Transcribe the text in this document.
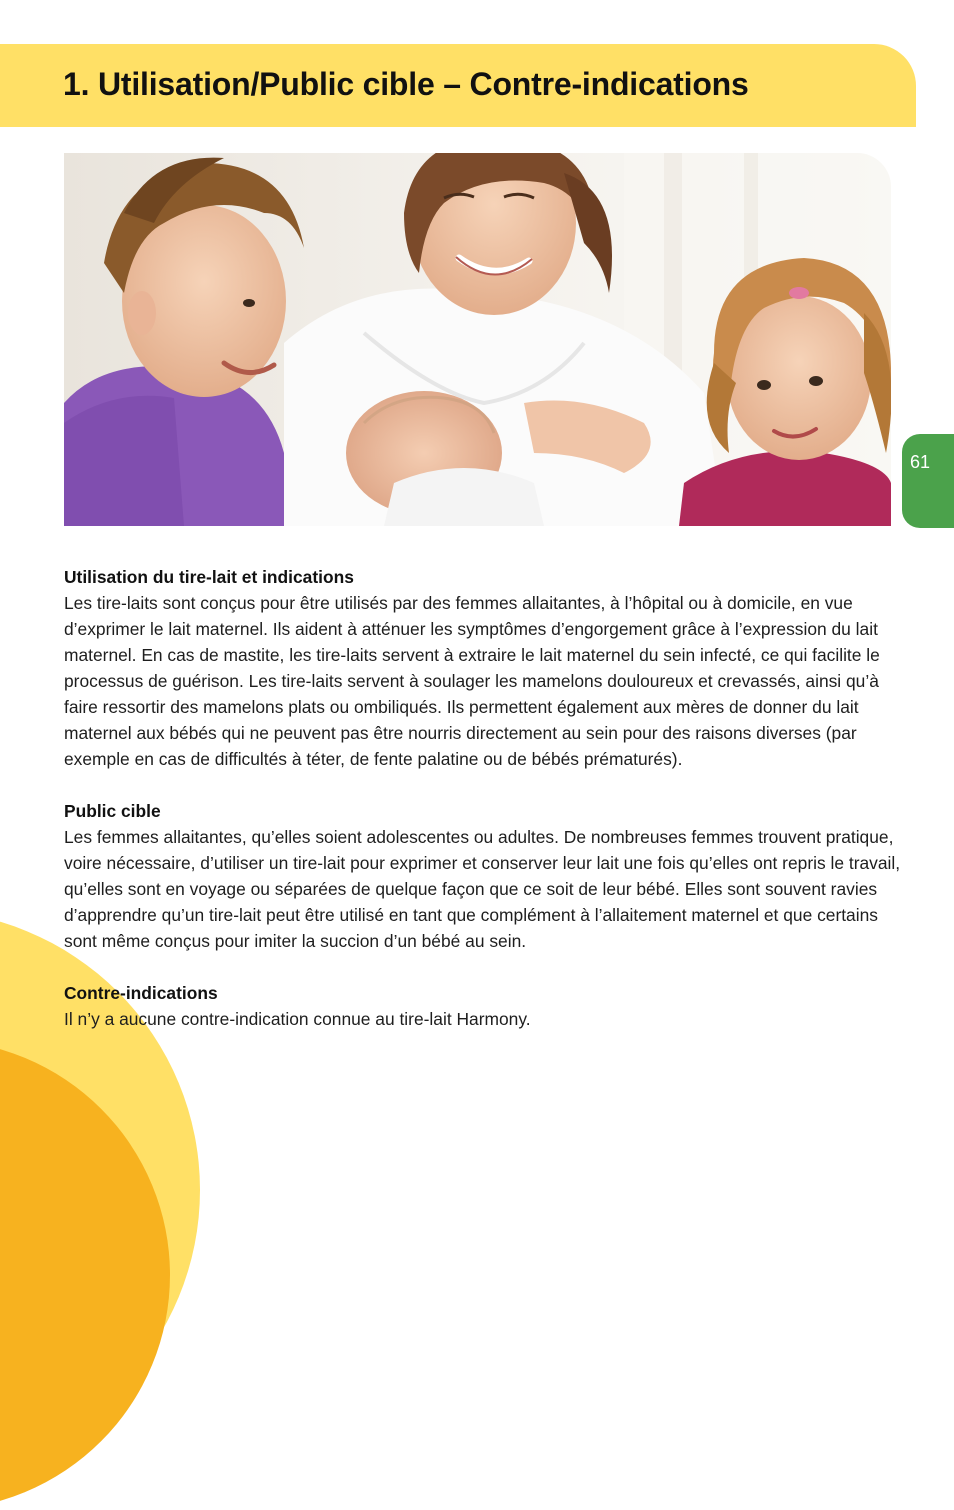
1. Utilisation/Public cible – Contre-indications
61
Utilisation du tire-lait et indications

Les tire-laits sont conçus pour être utilisés par des femmes allaitantes, à l’hôpital ou à domicile, en vue d’exprimer le lait maternel. Ils aident à atténuer les symptômes d’engorgement grâce à l’expression du lait maternel. En cas de mastite, les tire-laits servent à extraire le lait maternel du sein infecté, ce qui facilite le processus de guérison. Les tire-laits servent à soulager les mamelons douloureux et crevassés, ainsi qu’à faire ressortir des mamelons plats ou ombiliqués. Ils permettent également aux mères de donner du lait maternel aux bébés qui ne peuvent pas être nourris directement au sein pour des raisons diverses (par exemple en cas de difficultés à téter, de fente palatine ou de bébés prématurés).

Public cible

Les femmes allaitantes, qu’elles soient adolescentes ou adultes. De nombreuses femmes trouvent pratique, voire nécessaire, d’utiliser un tire-lait pour exprimer et conserver leur lait une fois qu’elles ont repris le travail, qu’elles sont en voyage ou séparées de quelque façon que ce soit de leur bébé. Elles sont souvent ravies d’apprendre qu’un tire-lait peut être utilisé en tant que complément à l’allaitement maternel et que certains sont même conçus pour imiter la succion d’un bébé au sein.

Contre-indications

Il n’y a aucune contre-indication connue au tire-lait Harmony.
